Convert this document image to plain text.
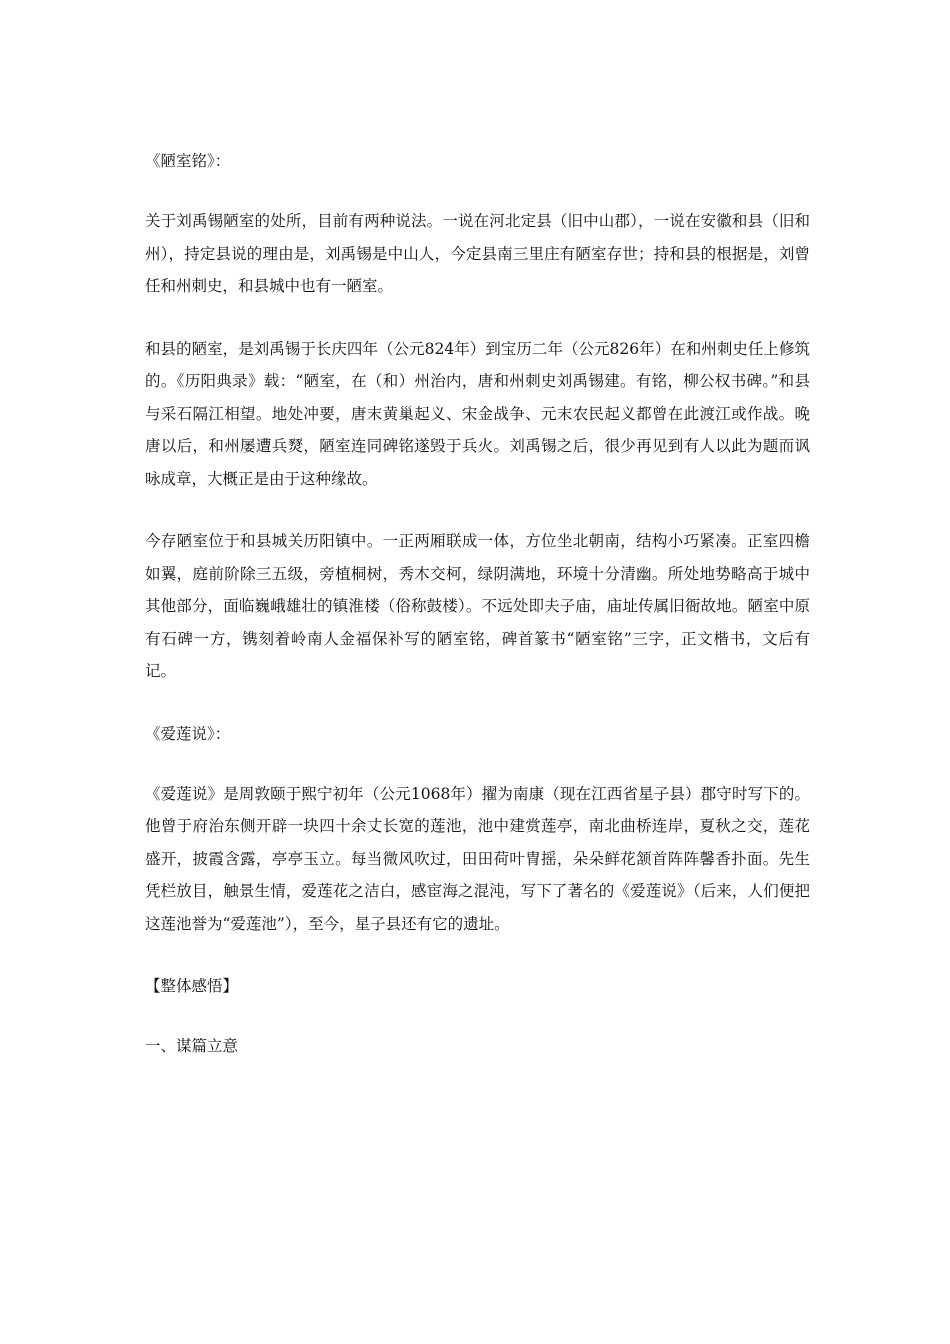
《陋室铭》：

关于刘禹锡陋室的处所，目前有两种说法。一说在河北定县（旧中山郡），一说在安徽和县（旧和州），持定县说的理由是，刘禹锡是中山人，今定县南三里庄有陋室存世；持和县的根据是，刘曾任和州刺史，和县城中也有一陋室。

和县的陋室，是刘禹锡于长庆四年（公元824年）到宝历二年（公元826年）在和州刺史任上修筑的。《历阳典录》载：“陋室，在（和）州治内，唐和州刺史刘禹锡建。有铭，柳公权书碑。”和县与采石隔江相望。地处冲要，唐末黄巢起义、宋金战争、元末农民起义都曾在此渡江或作战。晚唐以后，和州屡遭兵燹，陋室连同碑铭遂毁于兵火。刘禹锡之后，很少再见到有人以此为题而讽咏成章，大概正是由于这种缘故。

今存陋室位于和县城关历阳镇中。一正两厢联成一体，方位坐北朝南，结构小巧紧凑。正室四檐如翼，庭前阶除三五级，旁植桐树，秀木交柯，绿阴满地，环境十分清幽。所处地势略高于城中其他部分，面临巍峨雄壮的镇淮楼（俗称鼓楼）。不远处即夫子庙，庙址传属旧衙故地。陋室中原有石碑一方，镌刻着岭南人金福保补写的陋室铭，碑首篆书“陋室铭”三字，正文楷书，文后有记。

《爱莲说》：

《爱莲说》是周敦颐于熙宁初年（公元1068年）擢为南康（现在江西省星子县）郡守时写下的。他曾于府治东侧开辟一块四十余丈长宽的莲池，池中建赏莲亭，南北曲桥连岸，夏秋之交，莲花盛开，披霞含露，亭亭玉立。每当微风吹过，田田荷叶冑摇，朵朵鲜花颔首阵阵馨香扑面。先生凭栏放目，触景生情，爱莲花之洁白，感宦海之混沌，写下了著名的《爱莲说》（后来，人们便把这莲池誉为“爱莲池”），至今，星子县还有它的遗址。

【整体感悟】

一、谋篇立意
